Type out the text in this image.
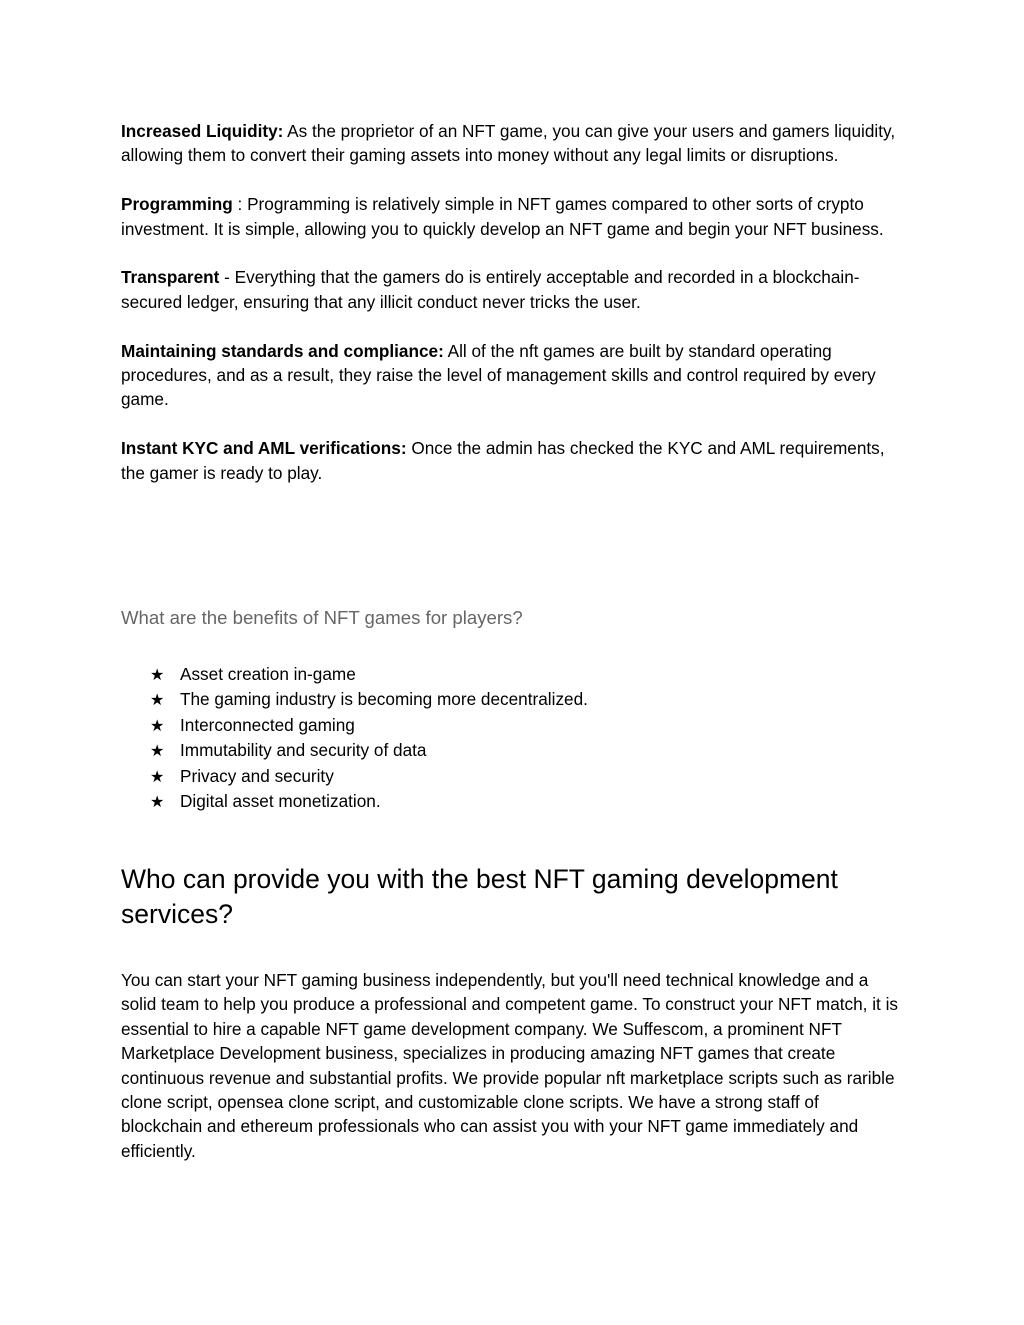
Increased Liquidity: As the proprietor of an NFT game, you can give your users and gamers liquidity, allowing them to convert their gaming assets into money without any legal limits or disruptions.

Programming : Programming is relatively simple in NFT games compared to other sorts of crypto investment. It is simple, allowing you to quickly develop an NFT game and begin your NFT business.

Transparent - Everything that the gamers do is entirely acceptable and recorded in a blockchain-secured ledger, ensuring that any illicit conduct never tricks the user.

Maintaining standards and compliance: All of the nft games are built by standard operating procedures, and as a result, they raise the level of management skills and control required by every game.

Instant KYC and AML verifications: Once the admin has checked the KYC and AML requirements, the gamer is ready to play.

What are the benefits of NFT games for players?
★ Asset creation in-game
★ The gaming industry is becoming more decentralized.
★ Interconnected gaming
★ Immutability and security of data
★ Privacy and security
★ Digital asset monetization.
Who can provide you with the best NFT gaming development services?

You can start your NFT gaming business independently, but you'll need technical knowledge and a solid team to help you produce a professional and competent game. To construct your NFT match, it is essential to hire a capable NFT game development company. We Suffescom, a prominent NFT Marketplace Development business, specializes in producing amazing NFT games that create continuous revenue and substantial profits. We provide popular nft marketplace scripts such as rarible clone script, opensea clone script, and customizable clone scripts. We have a strong staff of blockchain and ethereum professionals who can assist you with your NFT game immediately and efficiently.
